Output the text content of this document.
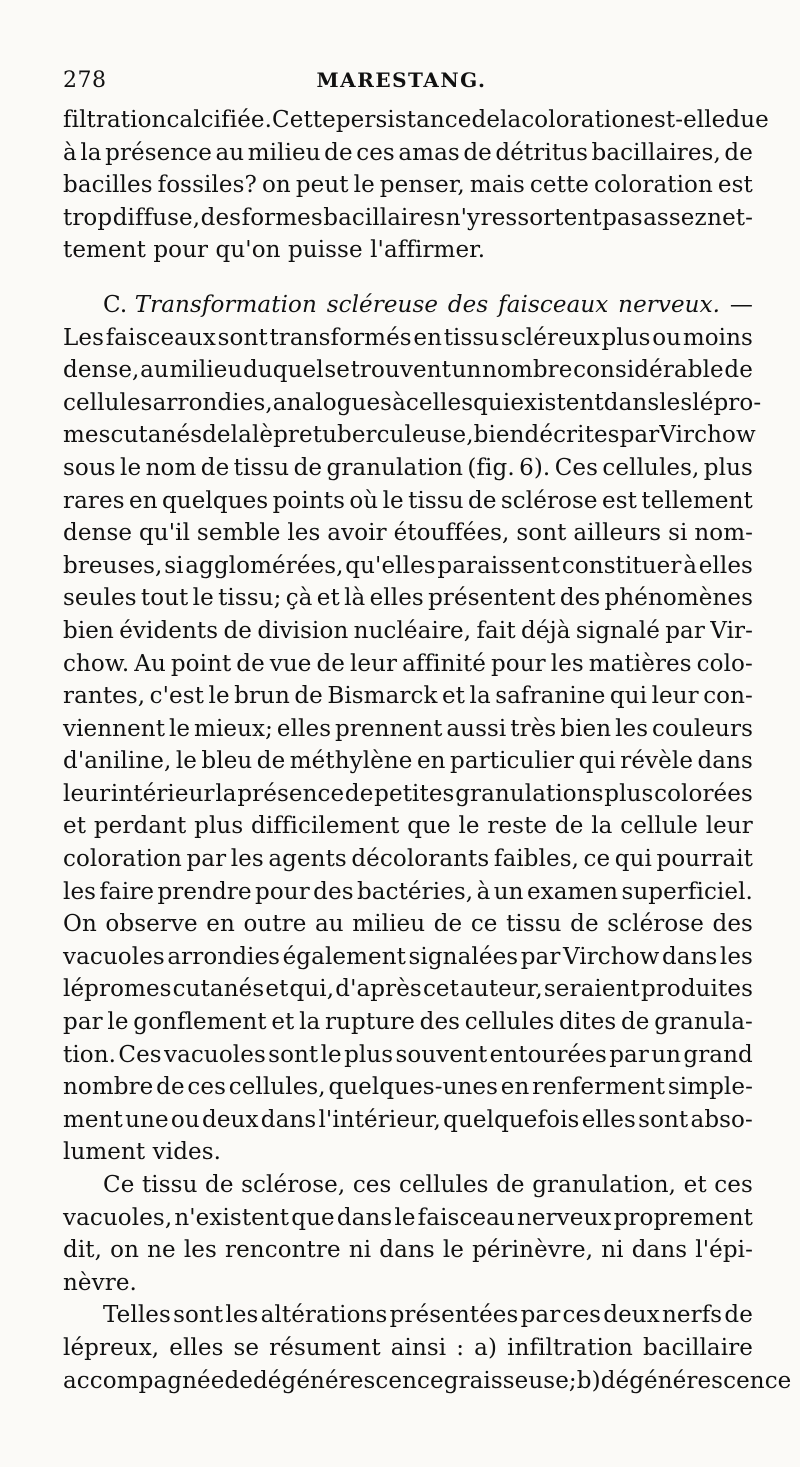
278	MARESTANG.
filtration calcifiée. Cette persistance de la coloration est-elle due
à la présence au milieu de ces amas de détritus bacillaires, de
bacilles fossiles? on peut le penser, mais cette coloration est
trop diffuse, des formes bacillaires n'y ressortent pas assez net-
tement pour qu'on puisse l'affirmer.
C. Transformation scléreuse des faisceaux nerveux. —
Les faisceaux sont transformés en tissu scléreux plus ou moins
dense, au milieu duquel se trouvent un nombre considérable de
cellules arrondies, analogues à celles qui existent dans les lépro-
mes cutanés de la lèpre tuberculeuse, bien décrites par Virchow
sous le nom de tissu de granulation (fig. 6). Ces cellules, plus
rares en quelques points où le tissu de sclérose est tellement
dense qu'il semble les avoir étouffées, sont ailleurs si nom-
breuses, si agglomérées, qu'elles paraissent constituer à elles
seules tout le tissu; çà et là elles présentent des phénomènes
bien évidents de division nucléaire, fait déjà signalé par Vir-
chow. Au point de vue de leur affinité pour les matières colo-
rantes, c'est le brun de Bismarck et la safranine qui leur con-
viennent le mieux; elles prennent aussi très bien les couleurs
d'aniline, le bleu de méthylène en particulier qui révèle dans
leur intérieur la présence de petites granulations plus colorées
et perdant plus difficilement que le reste de la cellule leur
coloration par les agents décolorants faibles, ce qui pourrait
les faire prendre pour des bactéries, à un examen superficiel.
On observe en outre au milieu de ce tissu de sclérose des
vacuoles arrondies également signalées par Virchow dans les
lépromes cutanés et qui, d'après cet auteur, seraient produites
par le gonflement et la rupture des cellules dites de granula-
tion. Ces vacuoles sont le plus souvent entourées par un grand
nombre de ces cellules, quelques-unes en renferment simple-
ment une ou deux dans l'intérieur, quelquefois elles sont abso-
lument vides.
Ce tissu de sclérose, ces cellules de granulation, et ces
vacuoles, n'existent que dans le faisceau nerveux proprement
dit, on ne les rencontre ni dans le périnèvre, ni dans l'épi-
nèvre.
Telles sont les altérations présentées par ces deux nerfs de
lépreux, elles se résument ainsi : a) infiltration bacillaire
accompagnée de dégénérescence graisseuse; b) dégénérescence
